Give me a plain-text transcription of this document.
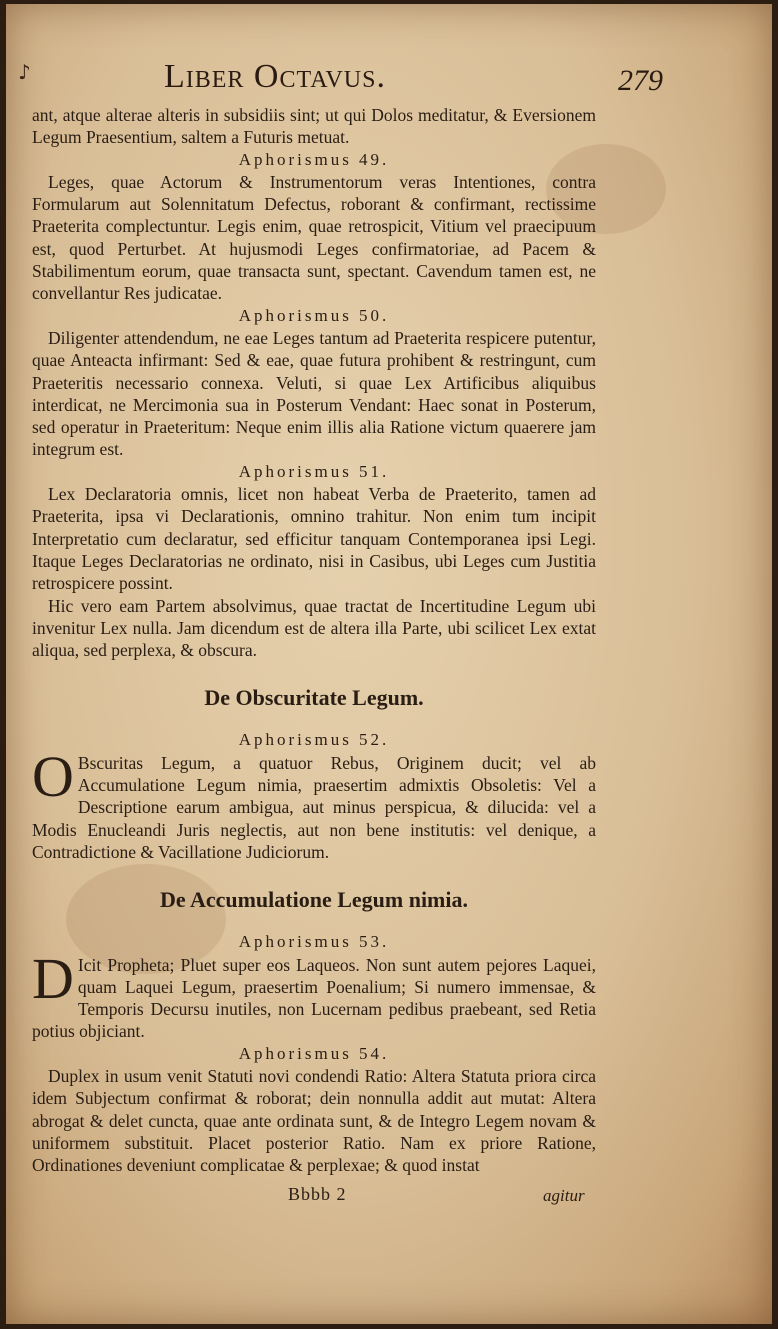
♪	Liber Octavus.	279

ant, atque alterae alteris in subsidiis sint; ut qui Dolos meditatur, & Eversionem Legum Praesentium, saltem a Futuris metuat.

Aphorismus 49.

Leges, quae Actorum & Instrumentorum veras Intentiones, contra Formularum aut Solennitatum Defectus, roborant & confirmant, rectissime Praeterita complectuntur. Legis enim, quae retrospicit, Vitium vel praecipuum est, quod Perturbet. At hujusmodi Leges confirmatoriae, ad Pacem & Stabilimentum eorum, quae transacta sunt, spectant. Cavendum tamen est, ne convellantur Res judicatae.

Aphorismus 50.

Diligenter attendendum, ne eae Leges tantum ad Praeterita respicere putentur, quae Anteacta infirmant: Sed & eae, quae futura prohibent & restringunt, cum Praeteritis necessario connexa. Veluti, si quae Lex Artificibus aliquibus interdicat, ne Mercimonia sua in Posterum Vendant: Haec sonat in Posterum, sed operatur in Praeteritum: Neque enim illis alia Ratione victum quaerere jam integrum est.

Aphorismus 51.

Lex Declaratoria omnis, licet non habeat Verba de Praeterito, tamen ad Praeterita, ipsa vi Declarationis, omnino trahitur. Non enim tum incipit Interpretatio cum declaratur, sed efficitur tanquam Contemporanea ipsi Legi. Itaque Leges Declaratorias ne ordinato, nisi in Casibus, ubi Leges cum Justitia retrospicere possint.

Hic vero eam Partem absolvimus, quae tractat de Incertitudine Legum ubi invenitur Lex nulla. Jam dicendum est de altera illa Parte, ubi scilicet Lex extat aliqua, sed perplexa, & obscura.

De Obscuritate Legum.

Aphorismus 52.

O Bscuritas Legum, a quatuor Rebus, Originem ducit; vel ab Accumulatione Legum nimia, praesertim admixtis Obsoletis: Vel a Descriptione earum ambigua, aut minus perspicua, & dilucida: vel a Modis Enucleandi Juris neglectis, aut non bene institutis: vel denique, a Contradictione & Vacillatione Judiciorum.

De Accumulatione Legum nimia.

Aphorismus 53.

D Icit Propheta; Pluet super eos Laqueos. Non sunt autem pejores Laquei, quam Laquei Legum, praesertim Poenalium; Si numero immensae, & Temporis Decursu inutiles, non Lucernam pedibus praebeant, sed Retia potius objiciant.

Aphorismus 54.

Duplex in usum venit Statuti novi condendi Ratio: Altera Statuta priora circa idem Subjectum confirmat & roborat; dein nonnulla addit aut mutat: Altera abrogat & delet cuncta, quae ante ordinata sunt, & de Integro Legem novam & uniformem substituit. Placet posterior Ratio. Nam ex priore Ratione, Ordinationes deveniunt complicatae & perplexae; & quod instat

Bbbb 2	agitur
